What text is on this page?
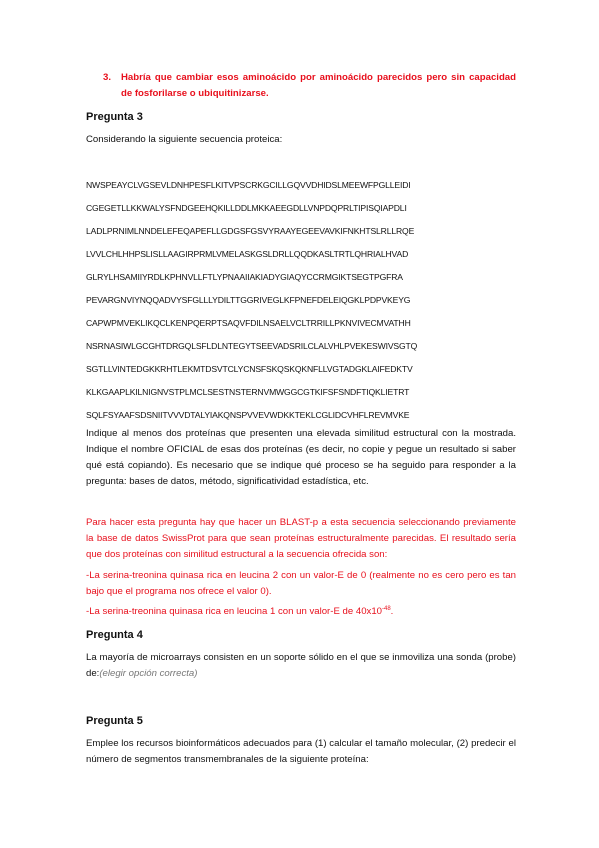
3. Habría que cambiar esos aminoácido por aminoácido parecidos pero sin capacidad de fosforilarse o ubiquitinizarse.
Pregunta 3
Considerando la siguiente secuencia proteica:
NWSPEAYCLVGSEVLDNHPESFLKITVPSCRKGCILLGQVVDHIDSLMEEWFPGLLEIDI
CGEGETLLKKWALYSFNDGEEHQKILLDDLMKKAEEGDLLVNPDQPRLTIPISQIAPDLI
LADLPRNIMLNNDELEFEQAPEFLLGDGSFGSVYRAAYEGEEVAVKIFNKHTSLRLLRQE
LVVLCHLHHPSLISLLAAGIRPRMLVMELASKGSLDRLLQQDKASLTRTLQHRIALHVAD
GLRYLHSAMIIYRDLKPHNVLLFTLYPNAAIIAKIADYGIAQYCCRMGIKTSEGTPGFRA
PEVARGNVIYNQQADVYSFGLLLYDILTTGGRIVEGLKFPNEFDELEIQGKLPDPVKEYG
CAPWPMVEKLIKQCLKENPQERPTSAQVFDILNSAELVCLTRRILLPKNVIVECMVATHH
NSRNASIWLGCGHTDRGQLSFLDLNTEGYTSEEVADSRILCLALVHLPVEKESWIVSGTQ
SGTLLVINTEDGKKRHTLEKMTDSVTCLYCNSFSKQSKQKNFLLVGTADGKLAIFEDKTV
KLKGAAPLKILNIGNVSTPLMCLSESTNSTERNVMWGGCGTKIFSFSNDFTIQKLIETRT
SQLFSYAAFSDSNIITVVVDTALYIAKQNSPVVEVWDKKTEKLCGLIDCVHFLREVMVKE
Indique al menos dos proteínas que presenten una elevada similitud estructural con la mostrada. Indique el nombre OFICIAL de esas dos proteínas (es decir, no copie y pegue un resultado si saber qué está copiando). Es necesario que se indique qué proceso se ha seguido para responder a la pregunta: bases de datos, método, significatividad estadística, etc.
Para hacer esta pregunta hay que hacer un BLAST-p a esta secuencia seleccionando previamente la base de datos SwissProt para que sean proteínas estructuralmente parecidas. El resultado sería que dos proteínas con similitud estructural a la secuencia ofrecida son:
-La serina-treonina quinasa rica en leucina 2 con un valor-E de 0 (realmente no es cero pero es tan bajo que el programa nos ofrece el valor 0).
-La serina-treonina quinasa rica en leucina 1 con un valor-E de $40x10^{-48}$.
Pregunta 4
La mayoría de microarrays consisten en un soporte sólido en el que se inmoviliza una sonda (probe) de:(elegir opción correcta)
Pregunta 5
Emplee los recursos bioinformáticos adecuados para (1) calcular el tamaño molecular, (2) predecir el número de segmentos transmembranales de la siguiente proteína:
